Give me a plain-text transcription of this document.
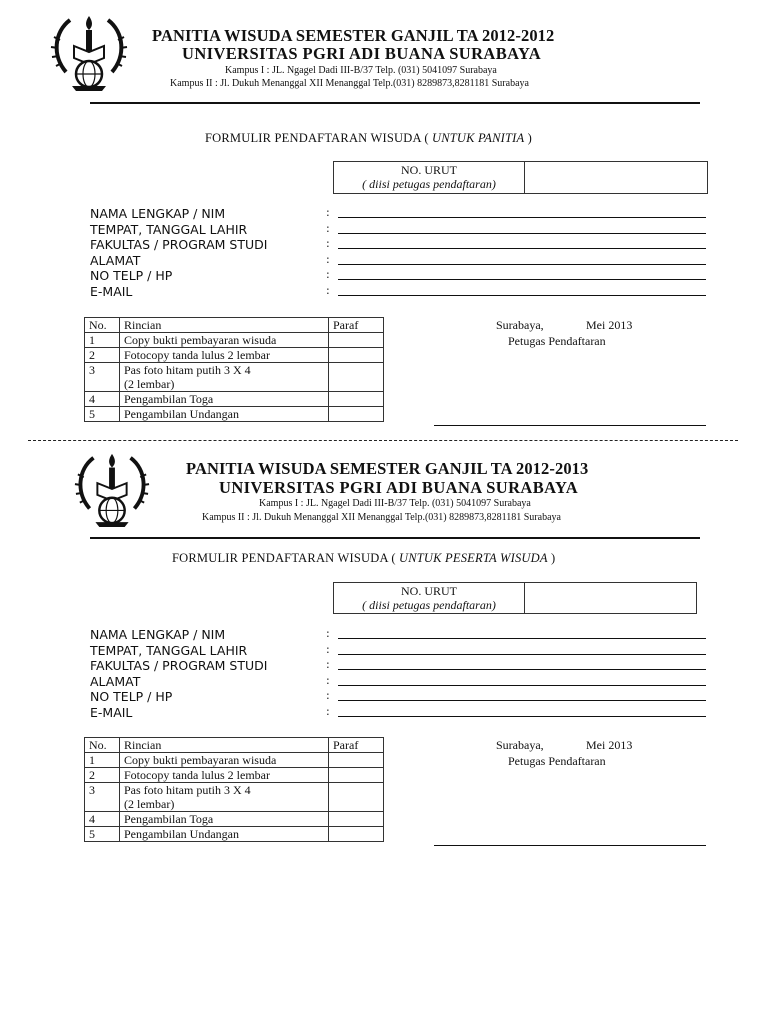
PANITIA WISUDA SEMESTER GANJIL TA 2012-2012
UNIVERSITAS PGRI ADI BUANA SURABAYA
Kampus I : JL. Ngagel Dadi III-B/37 Telp. (031) 5041097 Surabaya
Kampus II : Jl. Dukuh Menanggal XII Menanggal Telp.(031) 8289873,8281181 Surabaya
FORMULIR PENDAFTARAN WISUDA ( UNTUK PANITIA )
NO. URUT
( diisi petugas pendaftaran)
NAMA LENGKAP / NIM	:
TEMPAT, TANGGAL LAHIR	:
FAKULTAS / PROGRAM STUDI	:
ALAMAT	:
NO TELP / HP	:
E-MAIL	:
No.	Rincian	Paraf
1	Copy bukti pembayaran wisuda	
2	Fotocopy tanda lulus 2 lembar	
3	Pas foto hitam putih 3 X 4
(2 lembar)	

4	Pengambilan Toga	
5	Pengambilan Undangan	
Surabaya,	Mei 2013
Petugas Pendaftaran
PANITIA WISUDA SEMESTER GANJIL TA 2012-2013
UNIVERSITAS PGRI ADI BUANA SURABAYA
Kampus I : JL. Ngagel Dadi III-B/37 Telp. (031) 5041097 Surabaya
Kampus II : Jl. Dukuh Menanggal XII Menanggal Telp.(031) 8289873,8281181 Surabaya
FORMULIR PENDAFTARAN WISUDA ( UNTUK PESERTA WISUDA )
NO. URUT
( diisi petugas pendaftaran)
NAMA LENGKAP / NIM	:
TEMPAT, TANGGAL LAHIR	:
FAKULTAS / PROGRAM STUDI	:
ALAMAT	:
NO TELP / HP	:
E-MAIL	:
No.	Rincian	Paraf
1	Copy bukti pembayaran wisuda	
2	Fotocopy tanda lulus 2 lembar	
3	Pas foto hitam putih 3 X 4
(2 lembar)	

4	Pengambilan Toga	
5	Pengambilan Undangan	
Surabaya,	Mei 2013
Petugas Pendaftaran
